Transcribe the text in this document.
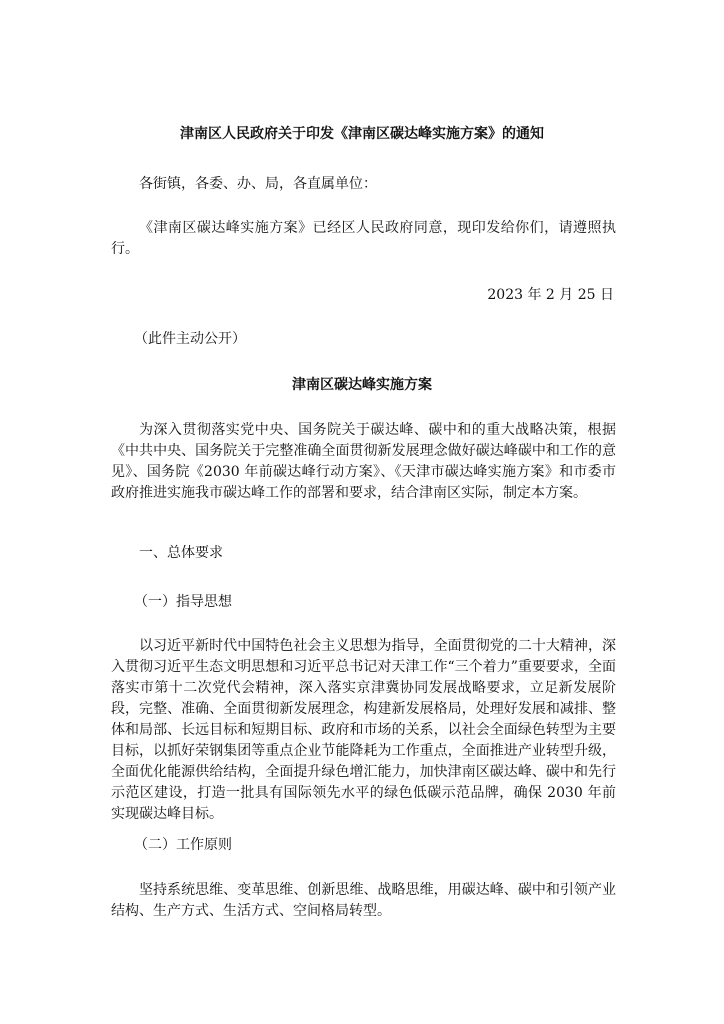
津南区人民政府关于印发《津南区碳达峰实施方案》的通知
各街镇，各委、办、局，各直属单位：
《津南区碳达峰实施方案》已经区人民政府同意，现印发给你们，请遵照执行。
2023 年 2 月 25 日
（此件主动公开）
津南区碳达峰实施方案
为深入贯彻落实党中央、国务院关于碳达峰、碳中和的重大战略决策，根据《中共中央、国务院关于完整准确全面贯彻新发展理念做好碳达峰碳中和工作的意见》、国务院《2030 年前碳达峰行动方案》、《天津市碳达峰实施方案》和市委市政府推进实施我市碳达峰工作的部署和要求，结合津南区实际，制定本方案。
一、总体要求
（一）指导思想
以习近平新时代中国特色社会主义思想为指导，全面贯彻党的二十大精神，深入贯彻习近平生态文明思想和习近平总书记对天津工作“三个着力”重要要求，全面落实市第十二次党代会精神，深入落实京津冀协同发展战略要求，立足新发展阶段，完整、准确、全面贯彻新发展理念，构建新发展格局，处理好发展和减排、整体和局部、长远目标和短期目标、政府和市场的关系，以社会全面绿色转型为主要目标，以抓好荣钢集团等重点企业节能降耗为工作重点，全面推进产业转型升级，全面优化能源供给结构，全面提升绿色增汇能力，加快津南区碳达峰、碳中和先行示范区建设，打造一批具有国际领先水平的绿色低碳示范品牌，确保 2030 年前实现碳达峰目标。
（二）工作原则
坚持系统思维、变革思维、创新思维、战略思维，用碳达峰、碳中和引领产业结构、生产方式、生活方式、空间格局转型。
